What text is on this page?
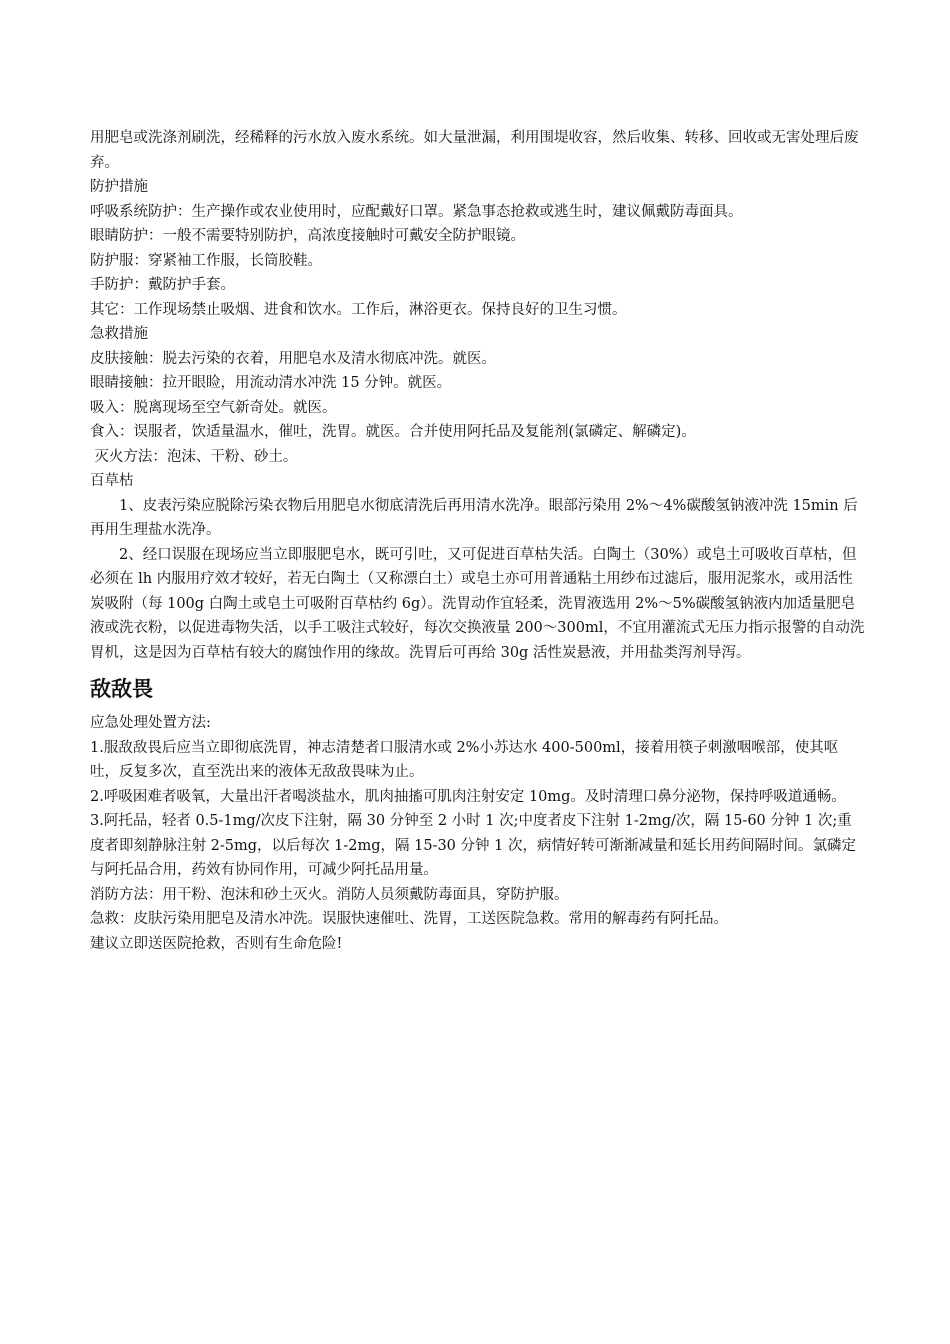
用肥皂或洗涤剂刷洗，经稀释的污水放入废水系统。如大量泄漏，利用围堤收容，然后收集、转移、回收或无害处理后废弃。

防护措施

呼吸系统防护：生产操作或农业使用时，应配戴好口罩。紧急事态抢救或逃生时，建议佩戴防毒面具。

眼睛防护：一般不需要特别防护，高浓度接触时可戴安全防护眼镜。

防护服：穿紧袖工作服，长筒胶鞋。

手防护：戴防护手套。

其它：工作现场禁止吸烟、进食和饮水。工作后，淋浴更衣。保持良好的卫生习惯。

急救措施

皮肤接触：脱去污染的衣着，用肥皂水及清水彻底冲洗。就医。

眼睛接触：拉开眼睑，用流动清水冲洗 15 分钟。就医。

吸入：脱离现场至空气新奇处。就医。

食入：误服者，饮适量温水，催吐，洗胃。就医。合并使用阿托品及复能剂(氯磷定、解磷定)。

灭火方法：泡沫、干粉、砂土。

百草枯

1、皮表污染应脱除污染衣物后用肥皂水彻底清洗后再用清水洗净。眼部污染用 2%～4%碳酸氢钠液冲洗 15min 后再用生理盐水洗净。

2、经口误服在现场应当立即服肥皂水，既可引吐，又可促进百草枯失活。白陶土（30%）或皂土可吸收百草枯，但必须在 lh 内服用疗效才较好，若无白陶土（又称漂白土）或皂土亦可用普通粘土用纱布过滤后，服用泥浆水，或用活性炭吸附（每 100g 白陶土或皂土可吸附百草枯约 6g）。洗胃动作宜轻柔，洗胃液选用 2%～5%碳酸氢钠液内加适量肥皂液或洗衣粉，以促进毒物失活，以手工吸注式较好，每次交换液量 200～300ml，不宜用灌流式无压力指示报警的自动洗胃机，这是因为百草枯有较大的腐蚀作用的缘故。洗胃后可再给 30g 活性炭悬液，并用盐类泻剂导泻。

敌敌畏

应急处理处置方法:

1.服敌敌畏后应当立即彻底洗胃，神志清楚者口服清水或 2%小苏达水 400-500ml，接着用筷子刺激咽喉部，使其呕吐，反复多次，直至洗出来的液体无敌敌畏味为止。

2.呼吸困难者吸氧，大量出汗者喝淡盐水，肌肉抽搐可肌肉注射安定 10mg。及时清理口鼻分泌物，保持呼吸道通畅。

3.阿托品，轻者 0.5-1mg/次皮下注射，隔 30 分钟至 2 小时 1 次;中度者皮下注射 1-2mg/次，隔 15-60 分钟 1 次;重度者即刻静脉注射 2-5mg，以后每次 1-2mg，隔 15-30 分钟 1 次，病情好转可渐渐减量和延长用药间隔时间。氯磷定与阿托品合用，药效有协同作用，可减少阿托品用量。

消防方法：用干粉、泡沫和砂土灭火。消防人员须戴防毒面具，穿防护服。

急救：皮肤污染用肥皂及清水冲洗。误服快速催吐、洗胃，工送医院急救。常用的解毒药有阿托品。

建议立即送医院抢救，否则有生命危险!
